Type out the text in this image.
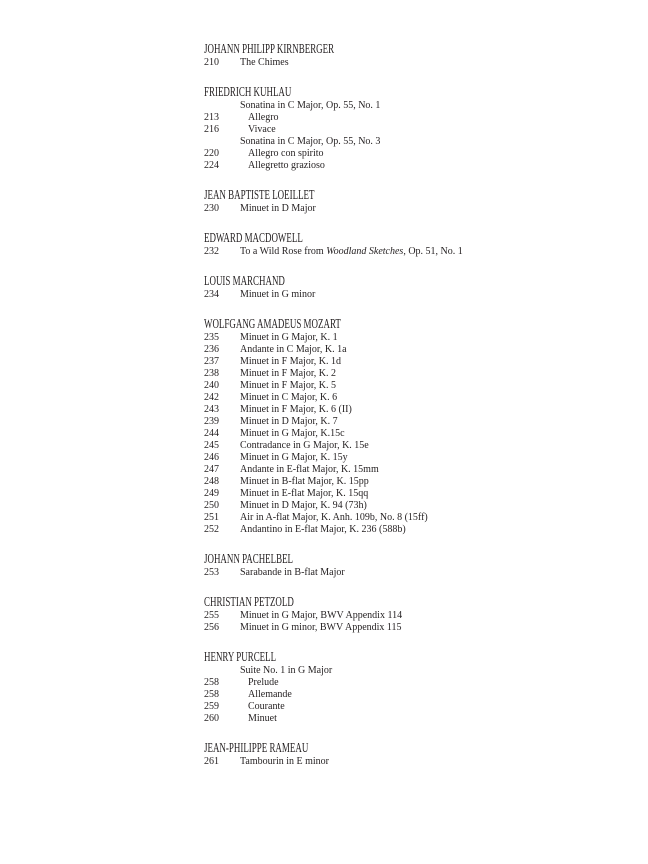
JOHANN PHILIPP KIRNBERGER
210 The Chimes
FRIEDRICH KUHLAU
Sonatina in C Major, Op. 55, No. 1
213	Allegro
216	Vivace
Sonatina in C Major, Op. 55, No. 3
220	Allegro con spirito
224	Allegretto grazioso
JEAN BAPTISTE LOEILLET
230 Minuet in D Major
EDWARD MACDOWELL
232 To a Wild Rose from Woodland Sketches, Op. 51, No. 1
LOUIS MARCHAND
234 Minuet in G minor
WOLFGANG AMADEUS MOZART
235 Minuet in G Major, K. 1
236 Andante in C Major, K. 1a
237 Minuet in F Major, K. 1d
238 Minuet in F Major, K. 2
240 Minuet in F Major, K. 5
242 Minuet in C Major, K. 6
243 Minuet in F Major, K. 6 (II)
239 Minuet in D Major, K. 7
244 Minuet in G Major, K.15c
245 Contradance in G Major, K. 15e
246 Minuet in G Major, K. 15y
247 Andante in E-flat Major, K. 15mm
248 Minuet in B-flat Major, K. 15pp
249 Minuet in E-flat Major, K. 15qq
250 Minuet in D Major, K. 94 (73h)
251 Air in A-flat Major, K. Anh. 109b, No. 8 (15ff)
252 Andantino in E-flat Major, K. 236 (588b)
JOHANN PACHELBEL
253 Sarabande in B-flat Major
CHRISTIAN PETZOLD
255 Minuet in G Major, BWV Appendix 114
256 Minuet in G minor, BWV Appendix 115
HENRY PURCELL
Suite No. 1 in G Major
258	Prelude
258	Allemande
259	Courante
260	Minuet
JEAN-PHILIPPE RAMEAU
261 Tambourin in E minor
